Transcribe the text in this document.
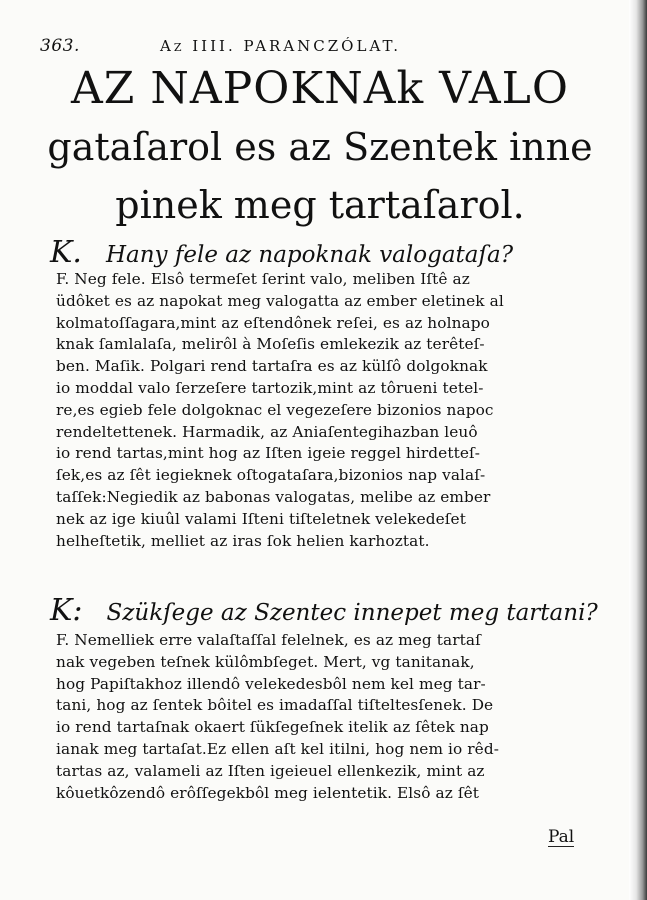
363.	Az IIII. PARANCZÓLAT.
AZ NAPOKNAk VALO
gataſarol es az Szentek inne
pinek meg tartaſarol.
K. Hany fele az napoknak valogataſa?
F. Neg fele. Elsô termeſet ſerint valo, meliben Iſtê az
üdôket es az napokat meg valogatta az ember eletinek al
kolmatoſſagara,mint az eſtendônek reſei, es az holnapo
knak ſamlalaſa, melirôl à Moſeſis emlekezik az terêteſ-
ben. Maſik. Polgari rend tartaſra es az külſô dolgoknak
io moddal valo ſerzeſere tartozik,mint az tôrueni tetel-
re,es egieb fele dolgoknac el vegezeſere bizonios napoc
rendeltettenek. Harmadik, az Aniaſentegihazban leuô
io rend tartas,mint hog az Iſten igeie reggel hirdetteſ-
ſek,es az ſêt iegieknek oſtogataſara,bizonios nap valaſ-
taſſek:Negiedik az babonas valogatas, melibe az ember
nek az ige kiuûl valami Iſteni tiſteletnek velekedeſet
helheſtetik, melliet az iras ſok helien karhoztat.
K: Szükſege az Szentec innepet meg tartani?
F. Nemelliek erre valaſtaſſal felelnek, es az meg tartaſ
nak vegeben teſnek külômbſeget. Mert, vg tanitanak,
hog Papiſtakhoz illendô velekedesbôl nem kel meg tar-
tani, hog az ſentek bôitel es imadaſſal tiſteltesſenek. De
io rend tartaſnak okaert ſükſegeſnek itelik az ſêtek nap
ianak meg tartaſat.Ez ellen aſt kel itilni, hog nem io rêd-
tartas az, valameli az Iſten igeieuel ellenkezik, mint az
kôuetkôzendô erôſſegekbôl meg ielentetik. Elsô az ſêt
Pal
